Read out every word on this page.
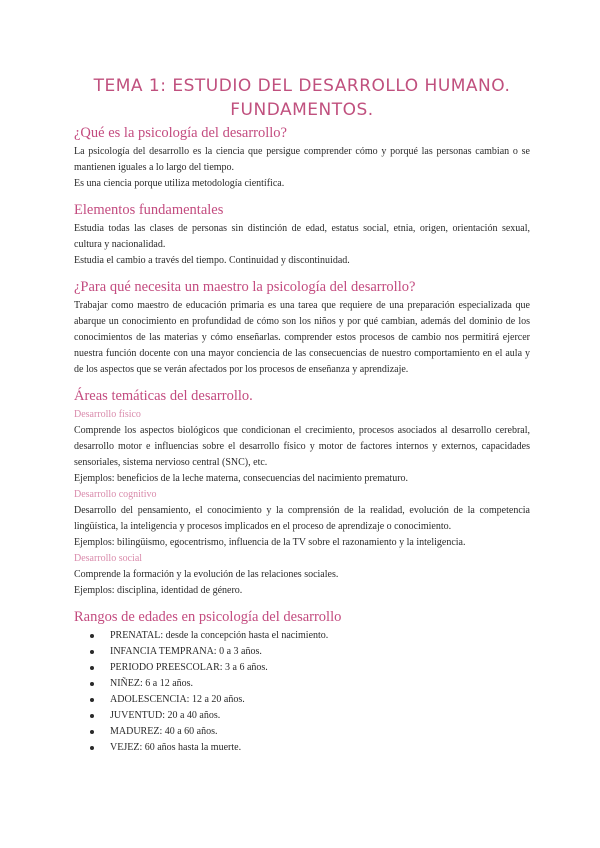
TEMA 1: ESTUDIO DEL DESARROLLO HUMANO. FUNDAMENTOS.
¿Qué es la psicología del desarrollo?

La psicología del desarrollo es la ciencia que persigue comprender cómo y porqué las personas cambian o se mantienen iguales a lo largo del tiempo.

Es una ciencia porque utiliza metodología científica.

Elementos fundamentales

Estudia todas las clases de personas sin distinción de edad, estatus social, etnia, origen, orientación sexual, cultura y nacionalidad.

Estudia el cambio a través del tiempo. Continuidad y discontinuidad.

¿Para qué necesita un maestro la psicología del desarrollo?

Trabajar como maestro de educación primaria es una tarea que requiere de una preparación especializada que abarque un conocimiento en profundidad de cómo son los niños y por qué cambian, además del dominio de los conocimientos de las materias y cómo enseñarlas. comprender estos procesos de cambio nos permitirá ejercer nuestra función docente con una mayor conciencia de las consecuencias de nuestro comportamiento en el aula y de los aspectos que se verán afectados por los procesos de enseñanza y aprendizaje.

Áreas temáticas del desarrollo.
Desarrollo físico

Comprende los aspectos biológicos que condicionan el crecimiento, procesos asociados al desarrollo cerebral, desarrollo motor e influencias sobre el desarrollo físico y motor de factores internos y externos, capacidades sensoriales, sistema nervioso central (SNC), etc.

Ejemplos: beneficios de la leche materna, consecuencias del nacimiento prematuro.

Desarrollo cognitivo

Desarrollo del pensamiento, el conocimiento y la comprensión de la realidad, evolución de la competencia lingüística, la inteligencia y procesos implicados en el proceso de aprendizaje o conocimiento.

Ejemplos: bilingüismo, egocentrismo, influencia de la TV sobre el razonamiento y la inteligencia.

Desarrollo social

Comprende la formación y la evolución de las relaciones sociales.

Ejemplos: disciplina, identidad de género.

Rangos de edades en psicología del desarrollo
PRENATAL: desde la concepción hasta el nacimiento.
INFANCIA TEMPRANA: 0 a 3 años.
PERIODO PREESCOLAR: 3 a 6 años.
NIÑEZ: 6 a 12 años.
ADOLESCENCIA: 12 a 20 años.
JUVENTUD: 20 a 40 años.
MADUREZ: 40 a 60 años.
VEJEZ: 60 años hasta la muerte.
